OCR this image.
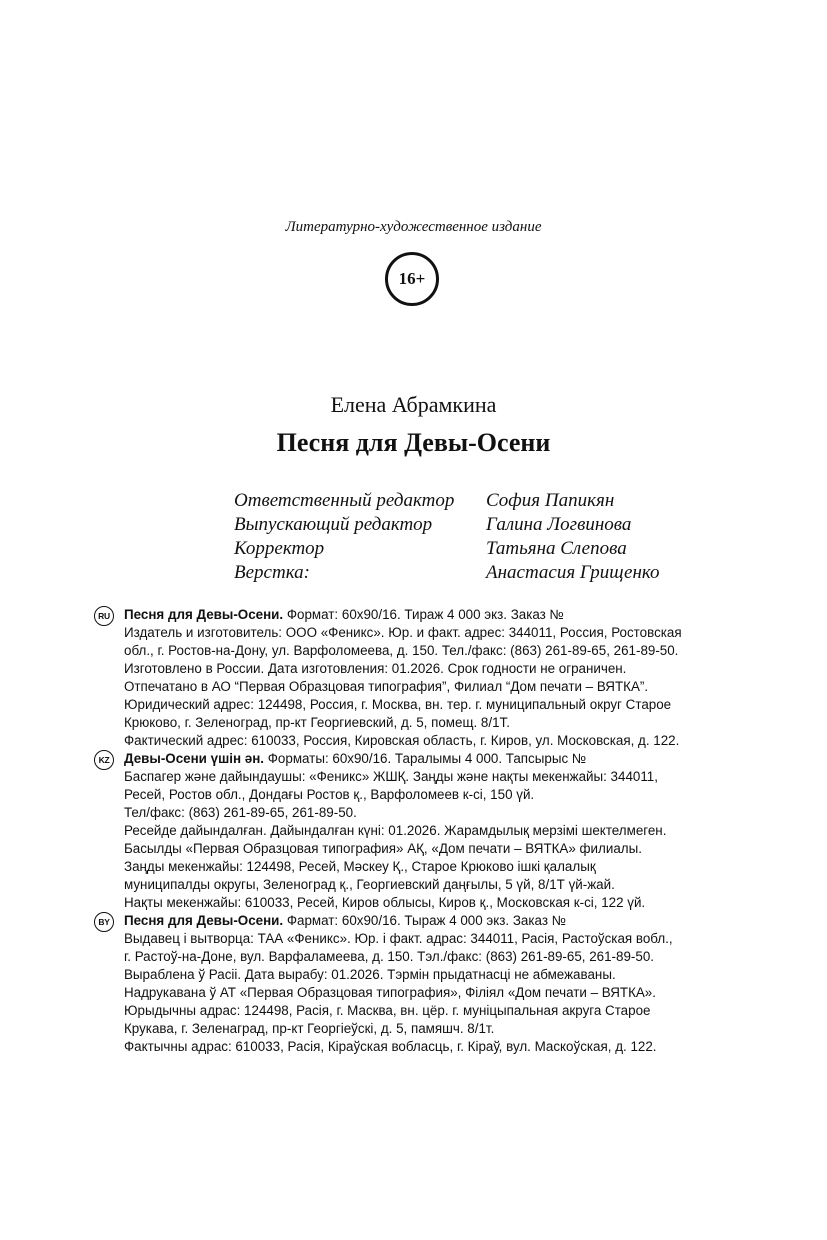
Литературно-художественное издание
16+
Елена Абрамкина
Песня для Девы-Осени
Ответственный редактор	София Папикян
Выпускающий редактор	Галина Логвинова
Корректор	Татьяна Слепова
Верстка:	Анастасия Грищенко
RU	Песня для Девы-Осени. Формат: 60х90/16. Тираж 4 000 экз. Заказ №
Издатель и изготовитель: ООО «Феникс». Юр. и факт. адрес: 344011, Россия, Ростовская
обл., г. Ростов-на-Дону, ул. Варфоломеева, д. 150. Тел./факс: (863) 261-89-65, 261-89-50.
Изготовлено в России. Дата изготовления: 01.2026. Срок годности не ограничен.
Отпечатано в АО “Первая Образцовая типография”, Филиал “Дом печати – ВЯТКА”.
Юридический адрес: 124498, Россия, г. Москва, вн. тер. г. муниципальный округ Старое
Крюково, г. Зеленоград, пр-кт Георгиевский, д. 5, помещ. 8/1Т.
Фактический адрес: 610033, Россия, Кировская область, г. Киров, ул. Московская, д. 122.
KZ	Девы-Осени үшін ән. Форматы: 60х90/16. Таралымы 4 000. Тапсырыс №
Баспагер және дайындаушы: «Феникс» ЖШҚ. Заңды және нақты мекенжайы: 344011,
Ресей, Ростов обл., Дондағы Ростов қ., Варфоломеев к-сі, 150 үй.
Тел/факс: (863) 261-89-65, 261-89-50.
Ресейде дайындалған. Дайындалған күні: 01.2026. Жарамдылық мерзімі шектелмеген.
Басылды «Первая Образцовая типография» АҚ, «Дом печати – ВЯТКА» филиалы.
Заңды мекенжайы: 124498, Ресей, Мәскеу Қ., Старое Крюково ішкі қалалық
муниципалды округы, Зеленоград қ., Георгиевский даңғылы, 5 үй, 8/1Т үй-жай.
Нақты мекенжайы: 610033, Ресей, Киров облысы, Киров қ., Московская к-сі, 122 үй.
BY	Песня для Девы-Осени. Фармат: 60х90/16. Тыраж 4 000 экз. Заказ №
Выдавец і вытворца: ТАА «Феникс». Юр. і факт. адрас: 344011, Расія, Растоўская вобл.,
г. Растоў-на-Доне, вул. Варфаламеева, д. 150. Тэл./факс: (863) 261-89-65, 261-89-50.
Выраблена ў Расіі. Дата вырабу: 01.2026. Тэрмін прыдатнасці не абмежаваны.
Надрукавана ў АТ «Первая Образцовая типография», Філіял «Дом печати – ВЯТКА».
Юрыдычны адрас: 124498, Расія, г. Масква, вн. цёр. г. муніцыпальная акруга Старое
Крукава, г. Зеленаград, пр-кт Георгіеўскі, д. 5, памяшч. 8/1т.
Фактычны адрас: 610033, Расія, Кіраўская вобласць, г. Кіраў, вул. Маскоўская, д. 122.
